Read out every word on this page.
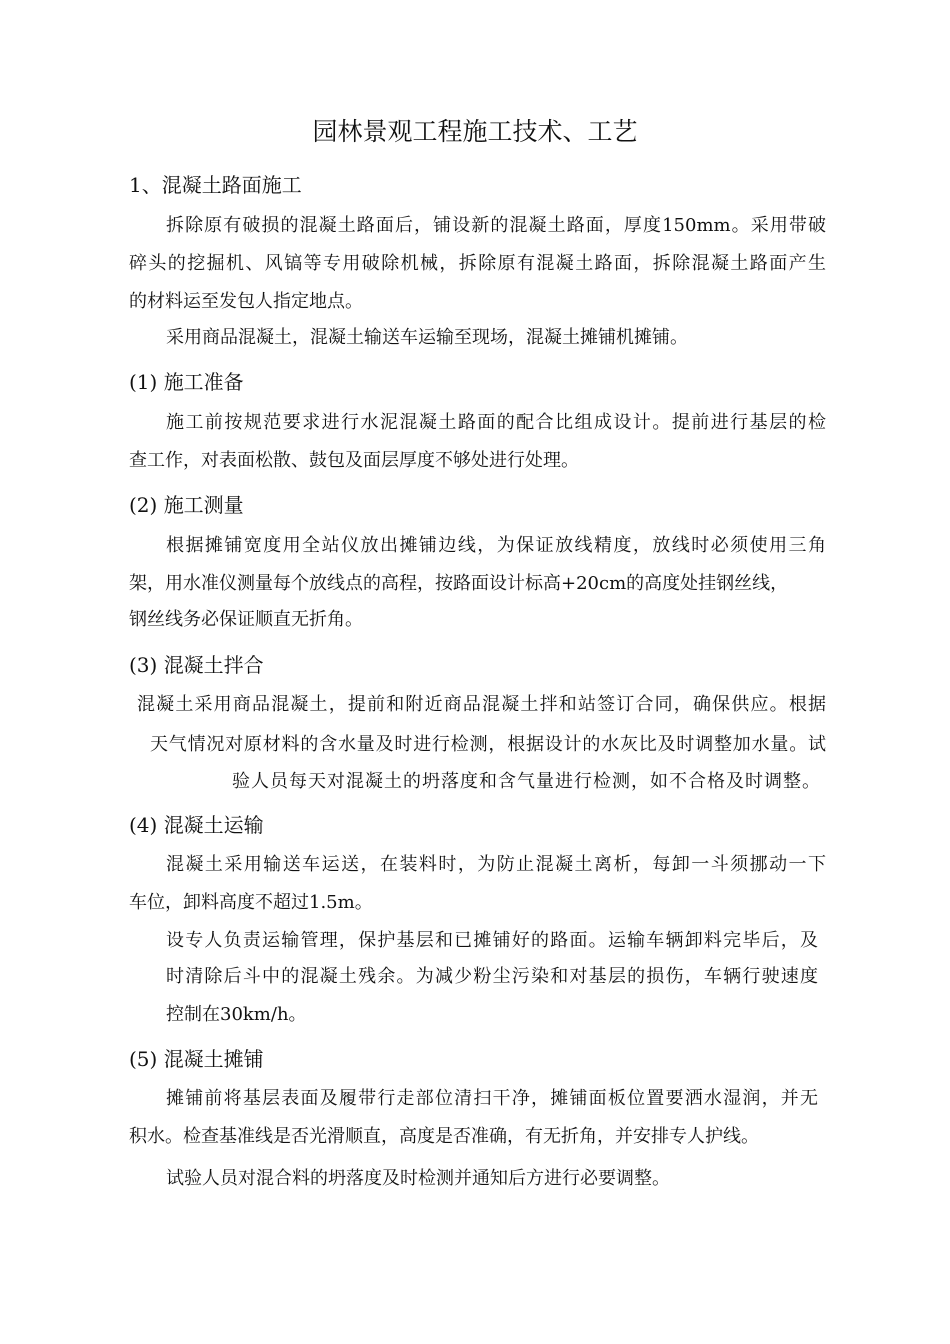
园林景观工程施工技术、工艺
1、混凝土路面施工
拆除原有破损的混凝土路面后，铺设新的混凝土路面，厚度150mm。采用带破
碎头的挖掘机、风镐等专用破除机械，拆除原有混凝土路面，拆除混凝土路面产生
的材料运至发包人指定地点。
采用商品混凝土，混凝土输送车运输至现场，混凝土摊铺机摊铺。
(1) 施工准备
施工前按规范要求进行水泥混凝土路面的配合比组成设计。提前进行基层的检
查工作，对表面松散、鼓包及面层厚度不够处进行处理。
(2) 施工测量
根据摊铺宽度用全站仪放出摊铺边线，为保证放线精度，放线时必须使用三角
架，用水准仪测量每个放线点的高程，按路面设计标高+20cm的高度处挂钢丝线，
钢丝线务必保证顺直无折角。
(3) 混凝土拌合
混凝土采用商品混凝土，提前和附近商品混凝土拌和站签订合同，确保供应。根据
天气情况对原材料的含水量及时进行检测，根据设计的水灰比及时调整加水量。试
验人员每天对混凝土的坍落度和含气量进行检测，如不合格及时调整。
(4) 混凝土运输
混凝土采用输送车运送，在装料时，为防止混凝土离析，每卸一斗须挪动一下
车位，卸料高度不超过1.5m。
设专人负责运输管理，保护基层和已摊铺好的路面。运输车辆卸料完毕后，及
时清除后斗中的混凝土残余。为减少粉尘污染和对基层的损伤，车辆行驶速度
控制在30km/h。
(5) 混凝土摊铺
摊铺前将基层表面及履带行走部位清扫干净，摊铺面板位置要洒水湿润，并无
积水。检查基准线是否光滑顺直，高度是否准确，有无折角，并安排专人护线。
试验人员对混合料的坍落度及时检测并通知后方进行必要调整。
